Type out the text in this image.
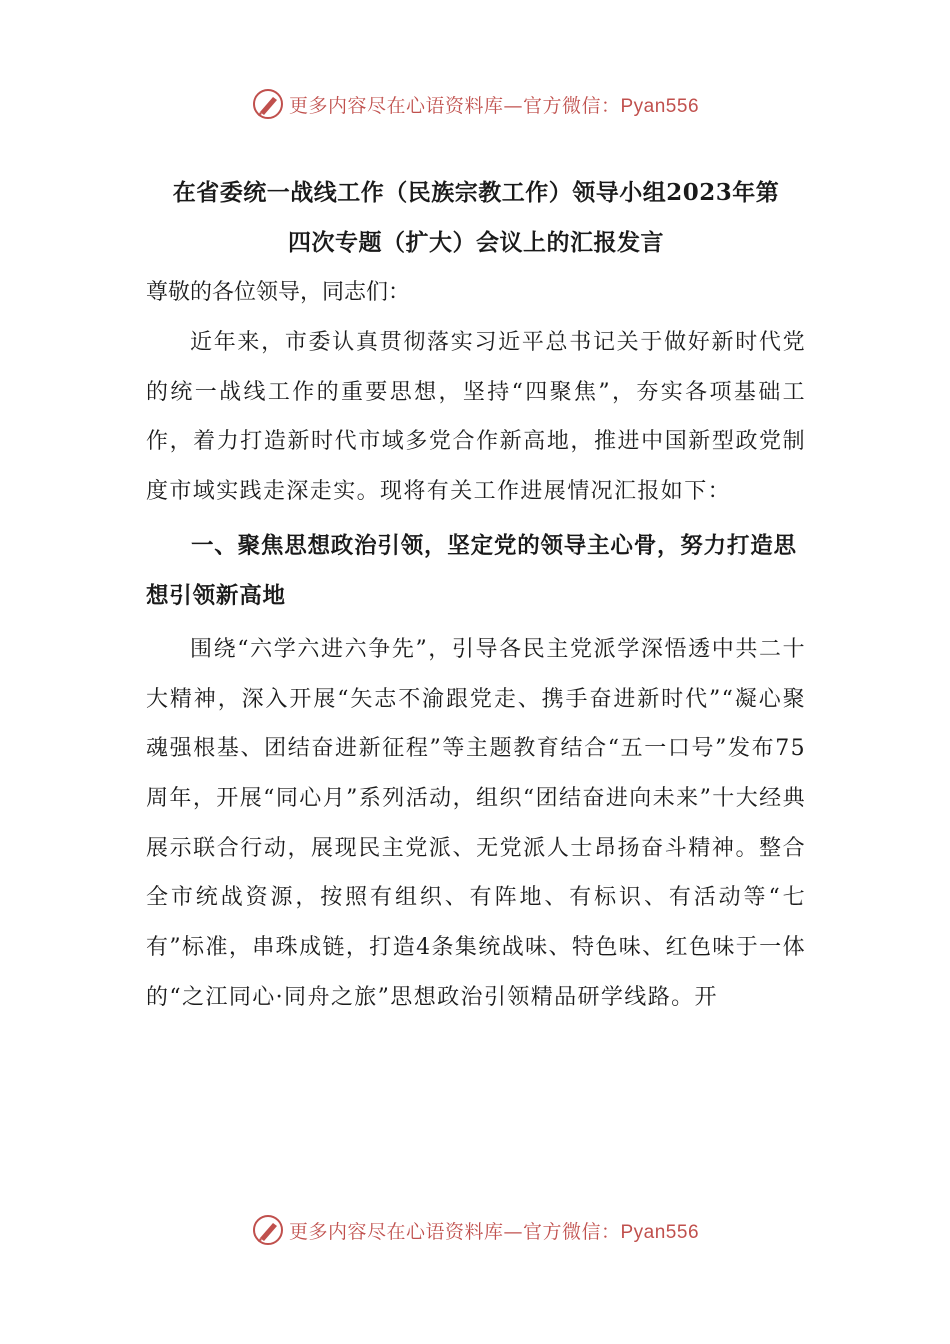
更多内容尽在心语资料库—官方微信：Pyan556

在省委统一战线工作（民族宗教工作）领导小组2023年第

四次专题（扩大）会议上的汇报发言

尊敬的各位领导，同志们：

近年来，市委认真贯彻落实习近平总书记关于做好新时代党的统一战线工作的重要思想，坚持“四聚焦”，夯实各项基础工作，着力打造新时代市域多党合作新高地，推进中国新型政党制度市域实践走深走实。现将有关工作进展情况汇报如下：

一、聚焦思想政治引领，坚定党的领导主心骨，努力打造思想引领新高地

围绕“六学六进六争先”，引导各民主党派学深悟透中共二十大精神，深入开展“矢志不渝跟党走、携手奋进新时代”“凝心聚魂强根基、团结奋进新征程”等主题教育结合“五一口号”发布75周年，开展“同心月”系列活动，组织“团结奋进向未来”十大经典展示联合行动，展现民主党派、无党派人士昂扬奋斗精神。整合全市统战资源，按照有组织、有阵地、有标识、有活动等“七有”标准，串珠成链，打造4条集统战味、特色味、红色味于一体的“之江同心·同舟之旅”思想政治引领精品研学线路。开

更多内容尽在心语资料库—官方微信：Pyan556
